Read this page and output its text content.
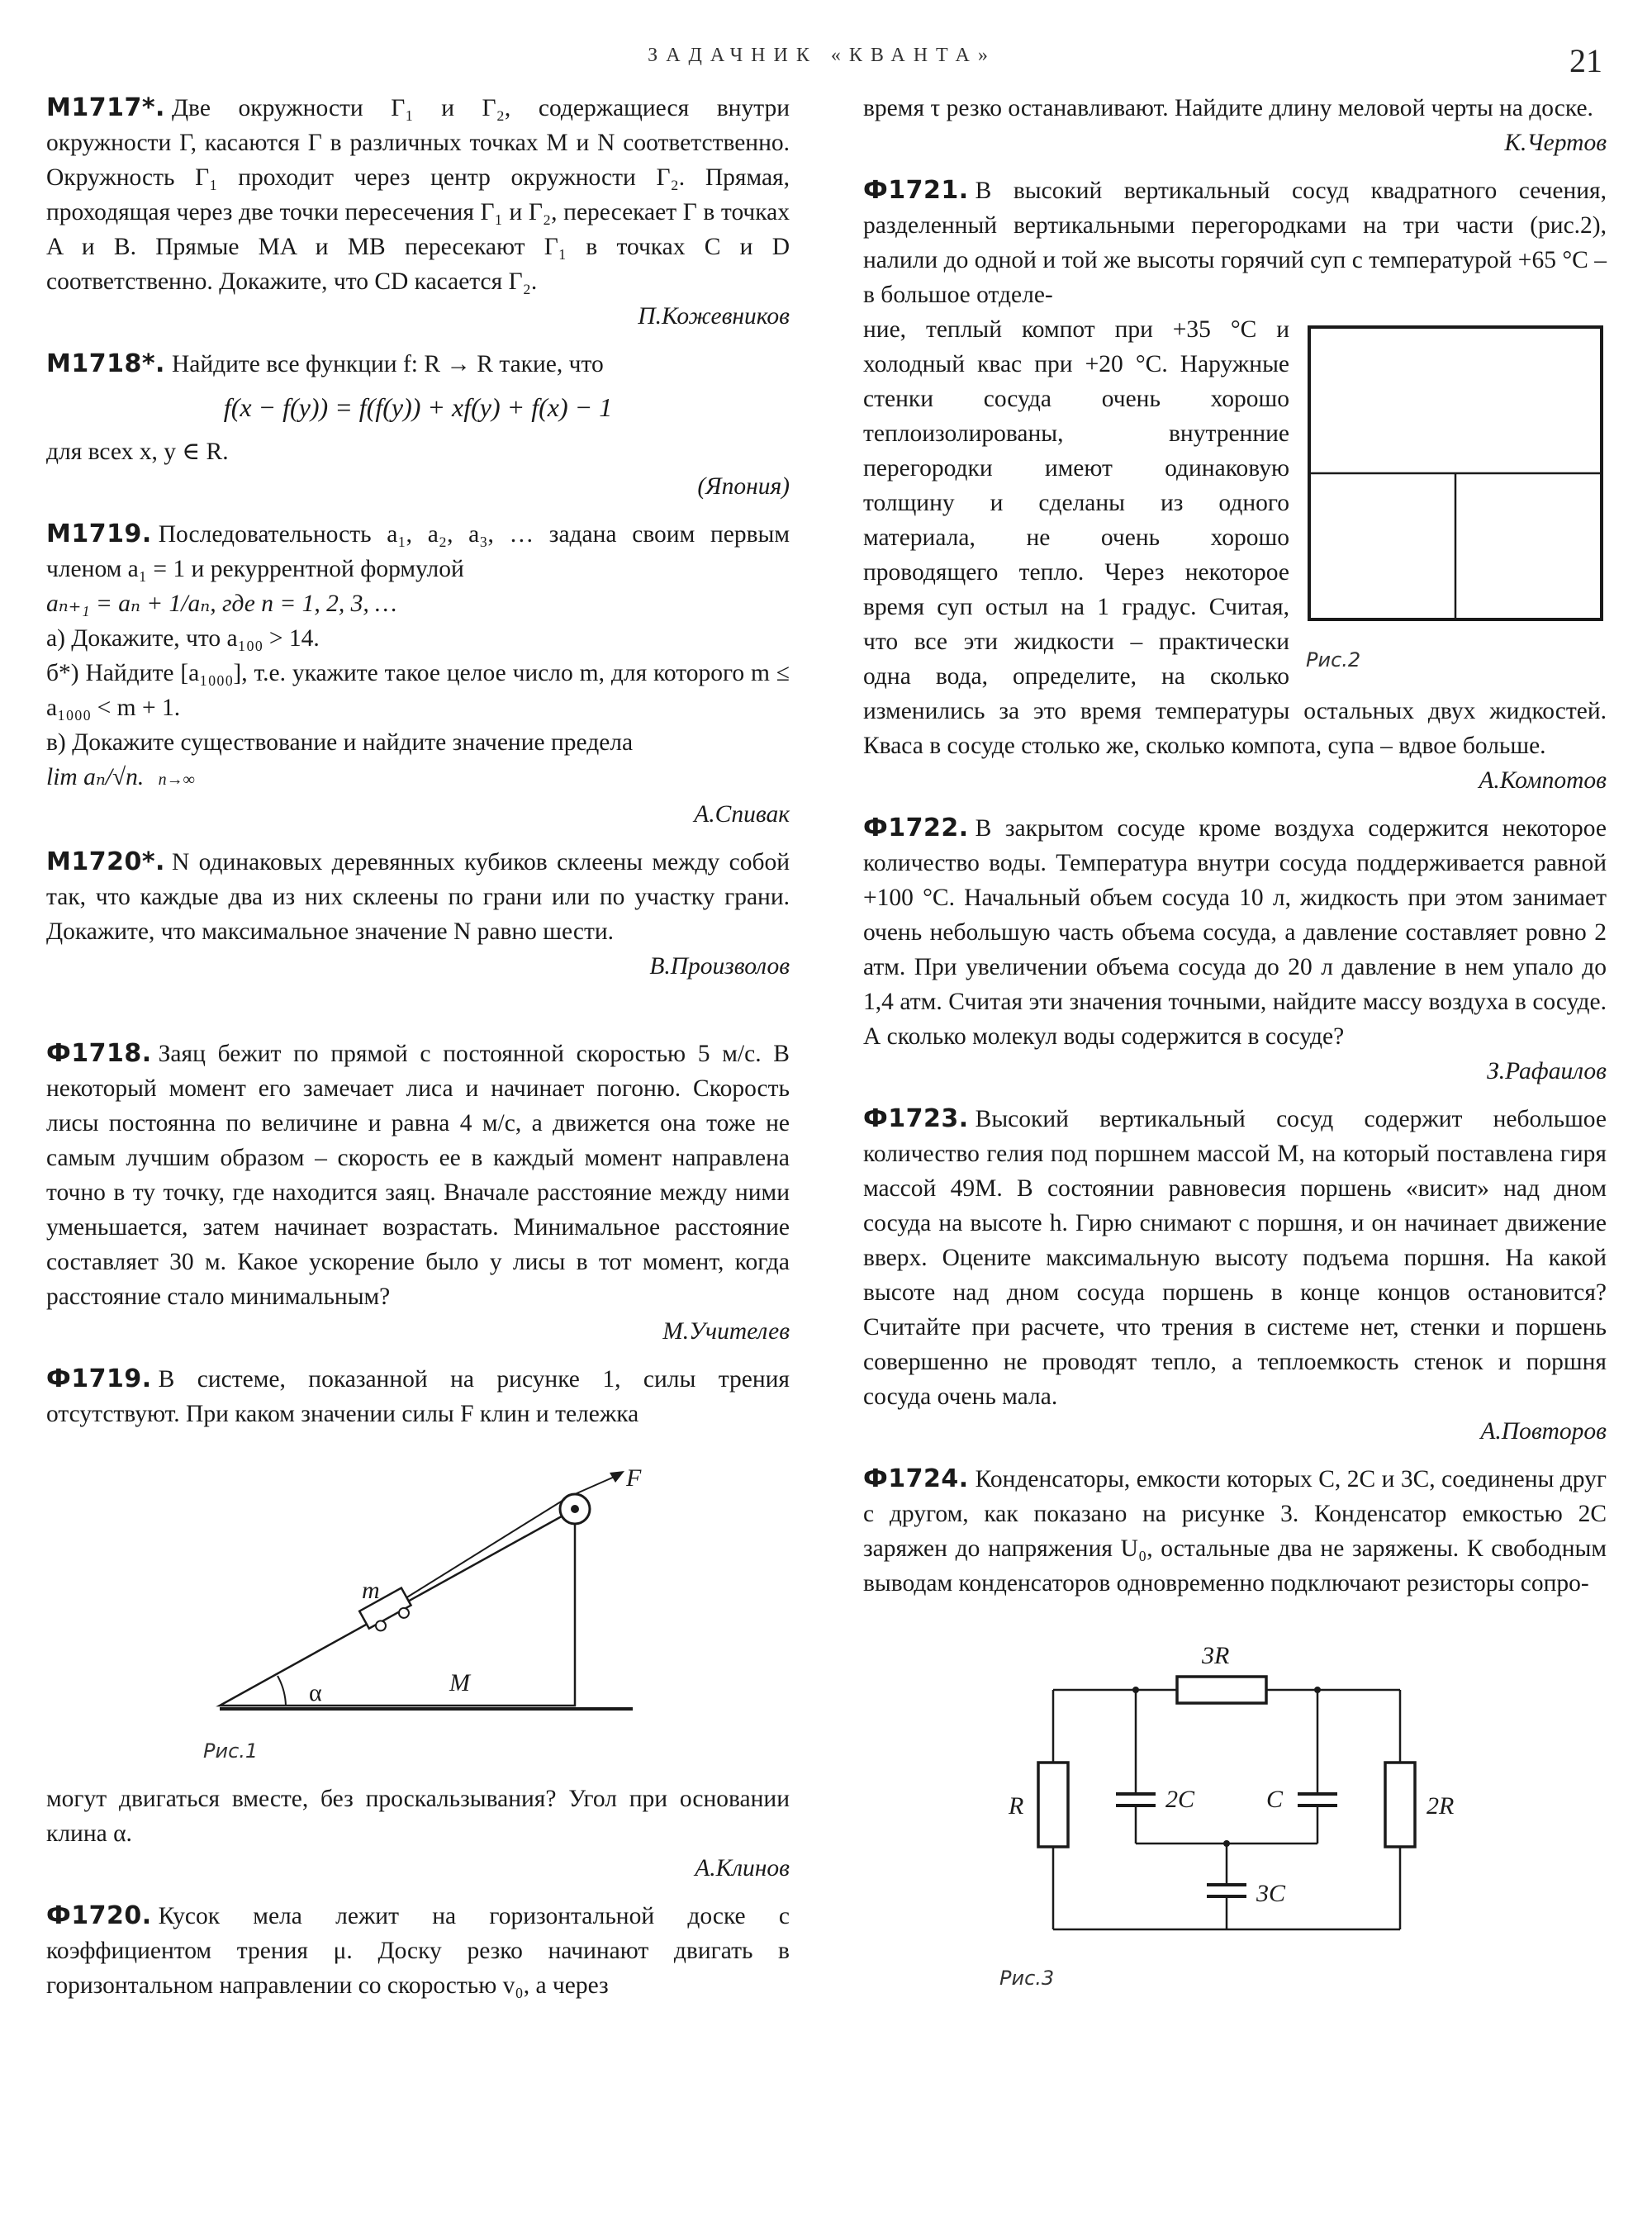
ЗАДАЧНИК «КВАНТА»	21

М1717*. Две окружности Γ₁ и Γ₂, содержащиеся внутри окружности Γ, касаются Γ в различных точках M и N соответственно. Окружность Γ₁ проходит через центр окружности Γ₂. Прямая, проходящая через две точки пересечения Γ₁ и Γ₂, пересекает Γ в точках A и B. Прямые MA и MB пересекают Γ₁ в точках C и D соответственно. Докажите, что CD касается Γ₂.

П.Кожевников

М1718*. Найдите все функции f: R → R такие, что

f(x − f(y)) = f(f(y)) + xf(y) + f(x) − 1

для всех x, y ∈ R.

(Япония)

М1719. Последовательность a₁, a₂, a₃, … задана своим первым членом a₁ = 1 и рекуррентной формулой

aₙ₊₁ = aₙ + 1/aₙ, где n = 1, 2, 3, …

а) Докажите, что a₁₀₀ > 14.

б*) Найдите [a₁₀₀₀], т.е. укажите такое целое число m, для которого m ≤ a₁₀₀₀ < m + 1.

в) Докажите существование и найдите значение предела

lim aₙ/√n. n→∞

А.Спивак

М1720*. N одинаковых деревянных кубиков склеены между собой так, что каждые два из них склеены по грани или по участку грани. Докажите, что максимальное значение N равно шести.

В.Произволов

Ф1718. Заяц бежит по прямой с постоянной скоростью 5 м/с. В некоторый момент его замечает лиса и начинает погоню. Скорость лисы постоянна по величине и равна 4 м/с, а движется она тоже не самым лучшим образом – скорость ее в каждый момент направлена точно в ту точку, где находится заяц. Вначале расстояние между ними уменьшается, затем начинает возрастать. Минимальное расстояние составляет 30 м. Какое ускорение было у лисы в тот момент, когда расстояние стало минимальным?

М.Учителев

Ф1719. В системе, показанной на рисунке 1, силы трения отсутствуют. При каком значении силы F клин и тележка

α	M
m
F
Рис.1

могут двигаться вместе, без проскальзывания? Угол при основании клина α.

А.Клинов

Ф1720. Кусок мела лежит на горизонтальной доске с коэффициентом трения μ. Доску резко начинают двигать в горизонтальном направлении со скоростью v₀, а через

время τ резко останавливают. Найдите длину меловой черты на доске.

К.Чертов

Ф1721. В высокий вертикальный сосуд квадратного сечения, разделенный вертикальными перегородками на три части (рис.2), налили до одной и той же высоты горячий суп с температурой +65 °С – в большое отделе-

Рис.2

ние, теплый компот при +35 °С и холодный квас при +20 °С. Наружные стенки сосуда очень хорошо теплоизолированы, внутренние перегородки имеют одинаковую толщину и сделаны из одного материала, не очень хорошо проводящего тепло. Через некоторое время суп остыл на 1 градус. Считая, что все эти жидкости – практически одна вода, определите, на сколько изменились за это время температуры остальных двух жидкостей. Кваса в сосуде столько же, сколько компота, супа – вдвое больше.

А.Компотов

Ф1722. В закрытом сосуде кроме воздуха содержится некоторое количество воды. Температура внутри сосуда поддерживается равной +100 °С. Начальный объем сосуда 10 л, жидкость при этом занимает очень небольшую часть объема сосуда, а давление составляет ровно 2 атм. При увеличении объема сосуда до 20 л давление в нем упало до 1,4 атм. Считая эти значения точными, найдите массу воздуха в сосуде. А сколько молекул воды содержится в сосуде?

З.Рафаилов

Ф1723. Высокий вертикальный сосуд содержит небольшое количество гелия под поршнем массой M, на который поставлена гиря массой 49M. В состоянии равновесия поршень «висит» над дном сосуда на высоте h. Гирю снимают с поршня, и он начинает движение вверх. Оцените максимальную высоту подъема поршня. На какой высоте над дном сосуда поршень в конце концов остановится? Считайте при расчете, что трения в системе нет, стенки и поршень совершенно не проводят тепло, а теплоемкость стенок и поршня сосуда очень мала.

А.Повторов

Ф1724. Конденсаторы, емкости которых C, 2C и 3C, соединены друг с другом, как показано на рисунке 3. Конденсатор емкостью 2C заряжен до напряжения U₀, остальные два не заряжены. К свободным выводам конденсаторов одновременно подключают резисторы сопро-

3R
R	2R
2C	C
3C
Рис.3
